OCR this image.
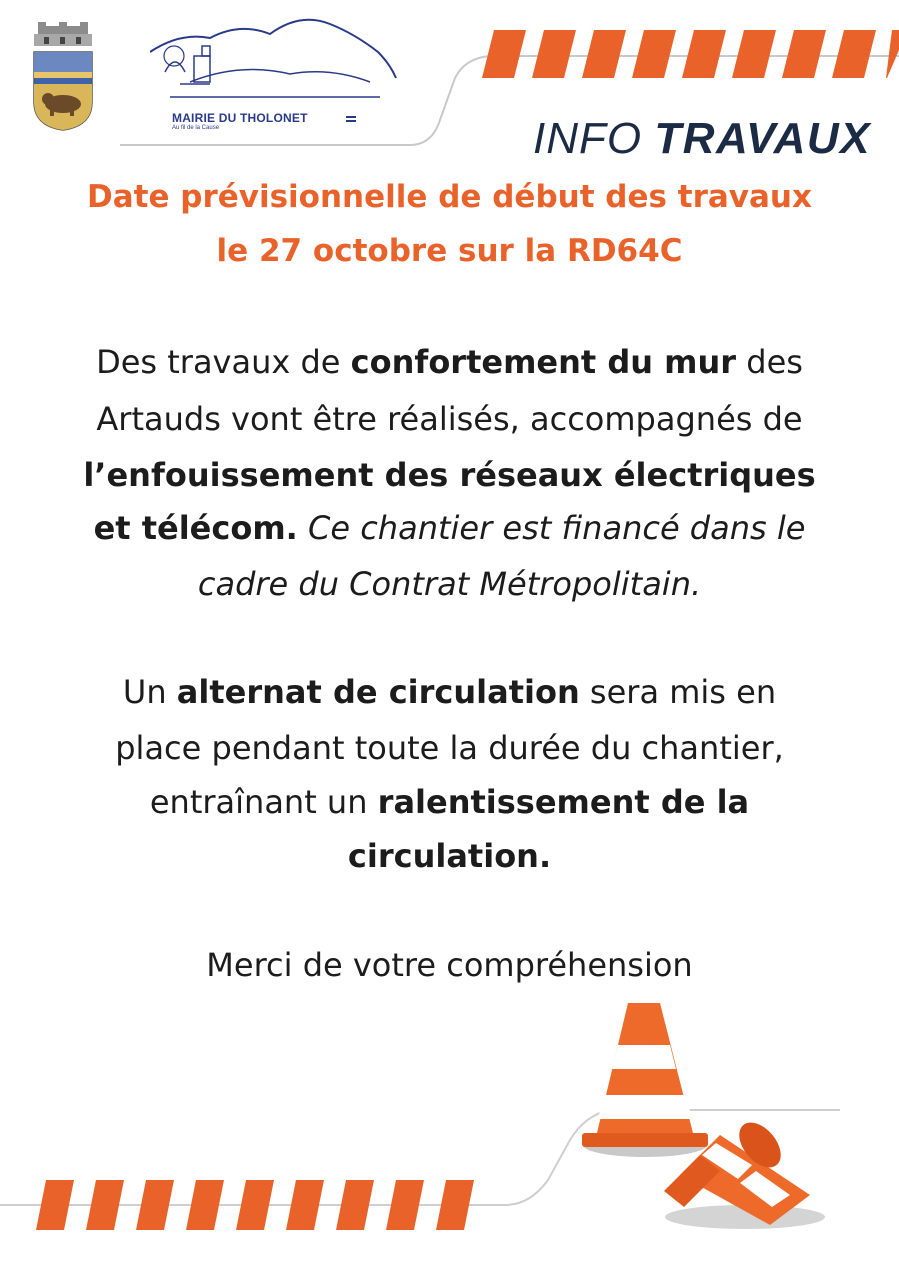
MAIRIE DU THOLONET
Au fil de la Cause	INFO TRAVAUX
Date prévisionnelle de début des travaux
le 27 octobre sur la RD64C
Des travaux de confortement du mur des
Artauds vont être réalisés, accompagnés de
l’enfouissement des réseaux électriques
et télécom. Ce chantier est financé dans le
cadre du Contrat Métropolitain.
Un alternat de circulation sera mis en
place pendant toute la durée du chantier,
entraînant un ralentissement de la
circulation.
Merci de votre compréhension
